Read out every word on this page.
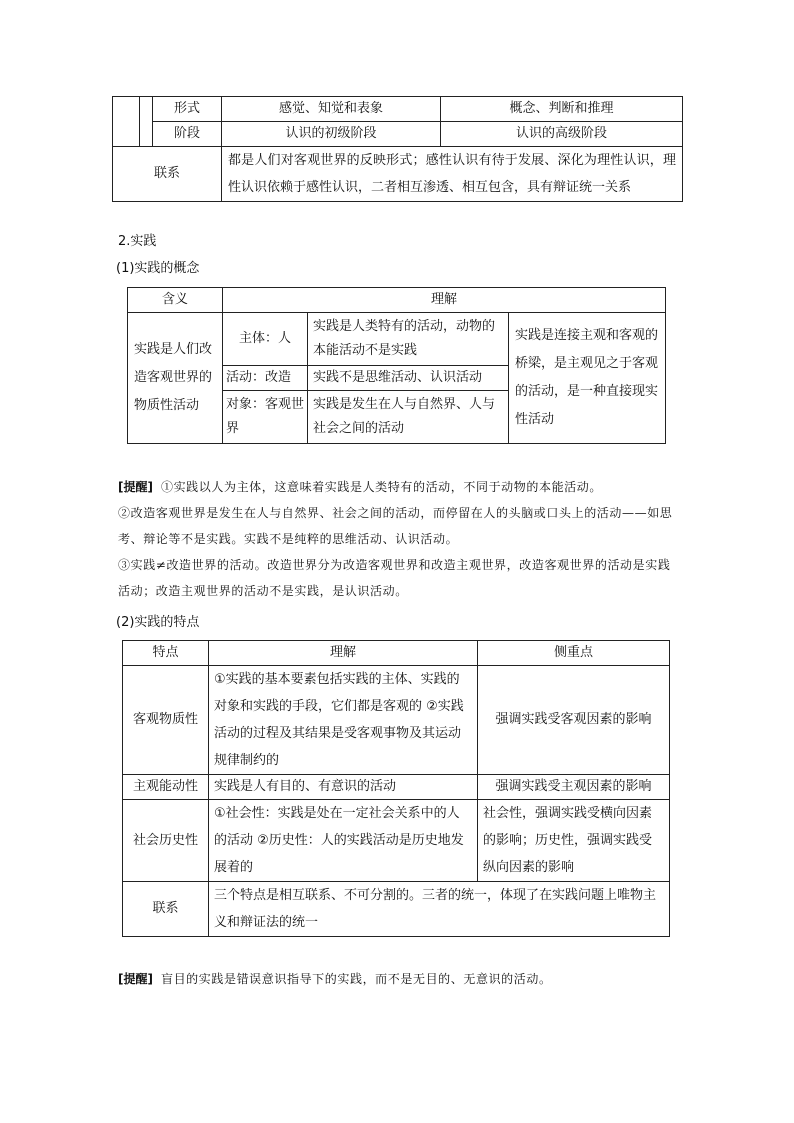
		形式	感觉、知觉和表象	概念、判断和推理
		阶段	认识的初级阶段	认识的高级阶段
联系			都是人们对客观世界的反映形式；感性认识有待于发展、深化为理性认识，理性认识依赖于感性认识，二者相互渗透、相互包含，具有辩证统一关系	
2.实践
(1)实践的概念
含义	理解		
实践是人们改造客观世界的物质性活动	主体：人	实践是人类特有的活动，动物的本能活动不是实践	实践是连接主观和客观的桥梁，是主观见之于客观的活动，是一种直接现实性活动
	活动：改造	实践不是思维活动、认识活动	
	对象：客观世界	实践是发生在人与自然界、人与社会之间的活动	
[提醒] ①实践以人为主体，这意味着实践是人类特有的活动，不同于动物的本能活动。
②改造客观世界是发生在人与自然界、社会之间的活动，而停留在人的头脑或口头上的活动——如思考、辩论等不是实践。实践不是纯粹的思维活动、认识活动。
③实践≠改造世界的活动。改造世界分为改造客观世界和改造主观世界，改造客观世界的活动是实践活动；改造主观世界的活动不是实践，是认识活动。
(2)实践的特点
特点	理解	侧重点
客观物质性	①实践的基本要素包括实践的主体、实践的对象和实践的手段，它们都是客观的 ②实践活动的过程及其结果是受客观事物及其运动规律制约的	强调实践受客观因素的影响
主观能动性	实践是人有目的、有意识的活动	强调实践受主观因素的影响
社会历史性	①社会性：实践是处在一定社会关系中的人的活动 ②历史性：人的实践活动是历史地发展着的	社会性，强调实践受横向因素的影响；历史性，强调实践受纵向因素的影响
联系	三个特点是相互联系、不可分割的。三者的统一，体现了在实践问题上唯物主义和辩证法的统一	
[提醒] 盲目的实践是错误意识指导下的实践，而不是无目的、无意识的活动。
